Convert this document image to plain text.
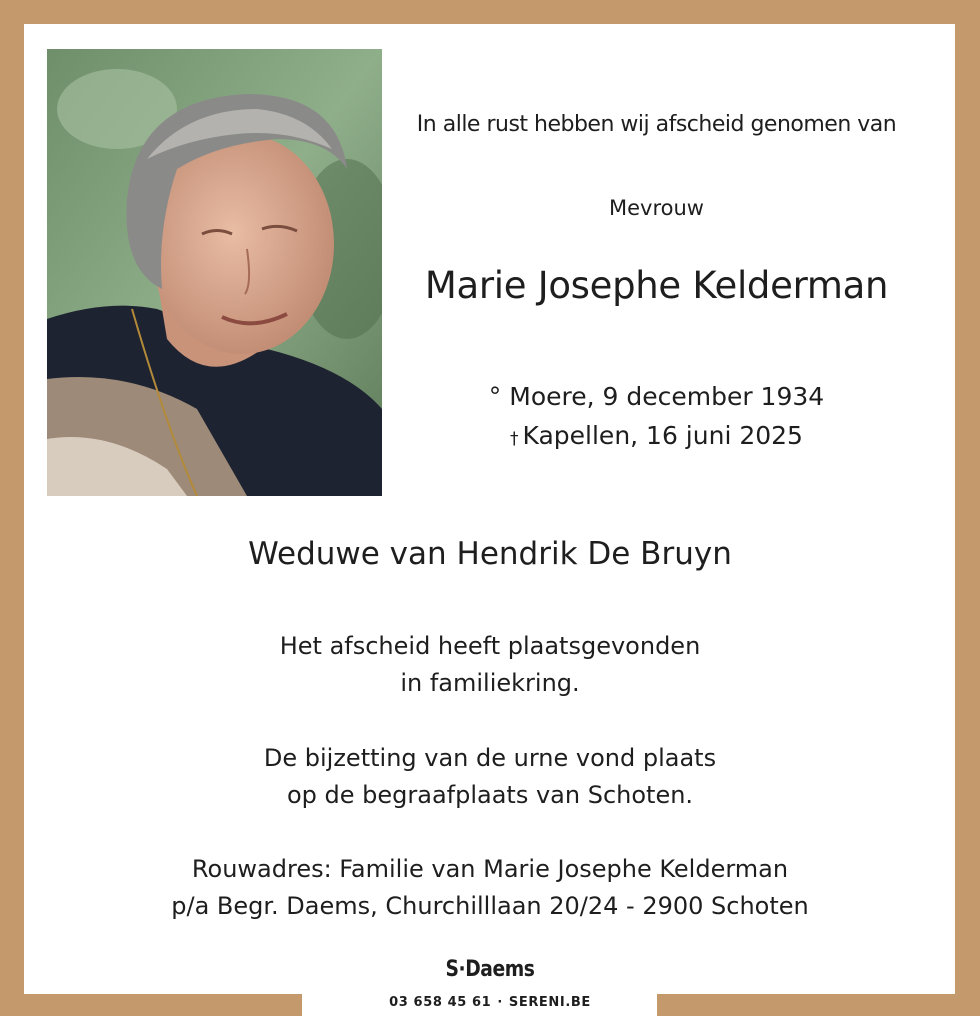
In alle rust hebben wij afscheid genomen van
Mevrouw
Marie Josephe Kelderman
° Moere, 9 december 1934
† Kapellen, 16 juni 2025
Weduwe van Hendrik De Bruyn
Het afscheid heeft plaatsgevonden
in familiekring.
De bijzetting van de urne vond plaats
op de begraafplaats van Schoten.
Rouwadres: Familie van Marie Josephe Kelderman
p/a Begr. Daems, Churchilllaan 20/24 - 2900 Schoten
S·Daems
03 658 45 61 · SERENI.BE
